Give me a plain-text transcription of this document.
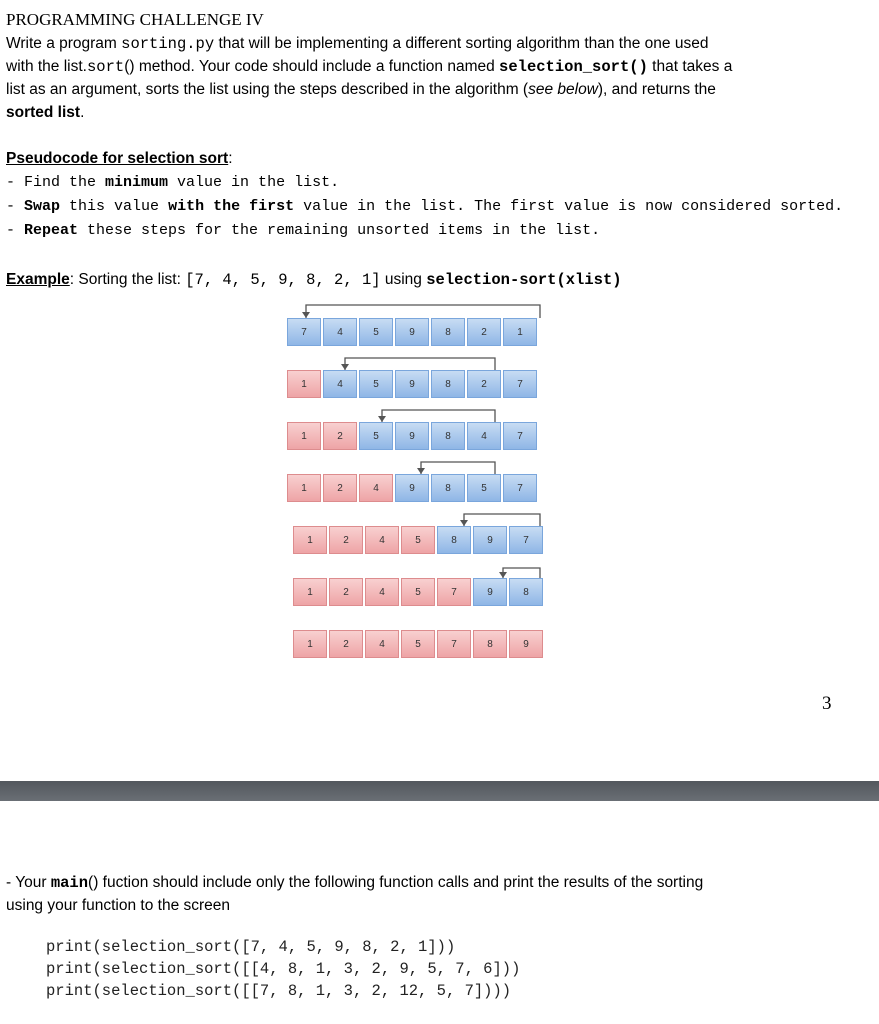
PROGRAMMING CHALLENGE IV
Write a program sorting.py that will be implementing a different sorting algorithm than the one used
with the list.sort() method. Your code should include a function named selection_sort() that takes a
list as an argument, sorts the list using the steps described in the algorithm (see below), and returns the
sorted list.
Pseudocode for selection sort:
- Find the minimum value in the list.
- Swap this value with the first value in the list. The first value is now considered sorted.
- Repeat these steps for the remaining unsorted items in the list.
Example: Sorting the list: [7, 4, 5, 9, 8, 2, 1] using selection-sort(xlist)
7	4	5	9	8	2	1
1	4	5	9	8	2	7
1	2	5	9	8	4	7
1	2	4	9	8	5	7
1	2	4	5	8	9	7
1	2	4	5	7	9	8
1	2	4	5	7	8	9
3
- Your main() fuction should include only the following function calls and print the results of the sorting
using your function to the screen
print(selection_sort([7, 4, 5, 9, 8, 2, 1]))
print(selection_sort([[4, 8, 1, 3, 2, 9, 5, 7, 6]))
print(selection_sort([[7, 8, 1, 3, 2, 12, 5, 7])))
